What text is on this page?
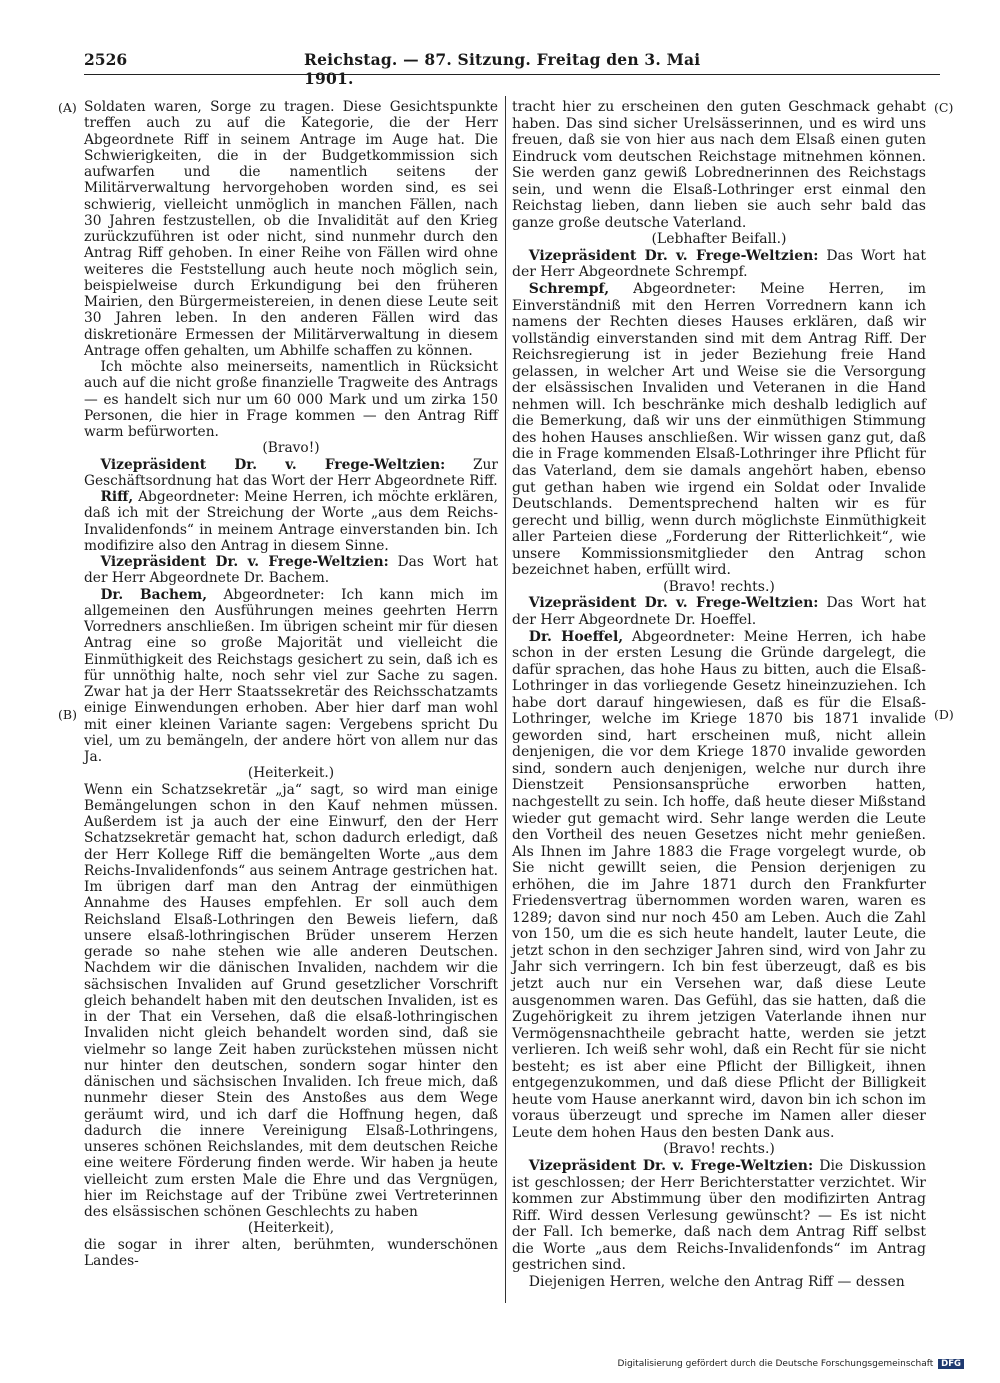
2526	Reichstag. — 87. Sitzung. Freitag den 3. Mai 1901.
(A)
(B)
(C)
(D)

Soldaten waren, Sorge zu tragen. Diese Gesichtspunkte treffen auch zu auf die Kategorie, die der Herr Abgeordnete Riff in seinem Antrage im Auge hat. Die Schwierigkeiten, die in der Budgetkommission sich aufwarfen und die namentlich seitens der Militärverwaltung hervorgehoben worden sind, es sei schwierig, vielleicht unmöglich in manchen Fällen, nach 30 Jahren festzustellen, ob die Invalidität auf den Krieg zurückzuführen ist oder nicht, sind nunmehr durch den Antrag Riff gehoben. In einer Reihe von Fällen wird ohne weiteres die Feststellung auch heute noch möglich sein, beispielweise durch Erkundigung bei den früheren Mairien, den Bürgermeistereien, in denen diese Leute seit 30 Jahren leben. In den anderen Fällen wird das diskretionäre Ermessen der Militärverwaltung in diesem Antrage offen gehalten, um Abhilfe schaffen zu können.

Ich möchte also meinerseits, namentlich in Rücksicht auch auf die nicht große finanzielle Tragweite des Antrags — es handelt sich nur um 60 000 Mark und um zirka 150 Personen, die hier in Frage kommen — den Antrag Riff warm befürworten.

(Bravo!)

Vizepräsident Dr. v. Frege-Weltzien: Zur Geschäftsordnung hat das Wort der Herr Abgeordnete Riff.

Riff, Abgeordneter: Meine Herren, ich möchte erklären, daß ich mit der Streichung der Worte „aus dem Reichs-Invalidenfonds“ in meinem Antrage einverstanden bin. Ich modifizire also den Antrag in diesem Sinne.

Vizepräsident Dr. v. Frege-Weltzien: Das Wort hat der Herr Abgeordnete Dr. Bachem.

Dr. Bachem, Abgeordneter: Ich kann mich im allgemeinen den Ausführungen meines geehrten Herrn Vorredners anschließen. Im übrigen scheint mir für diesen Antrag eine so große Majorität und vielleicht die Einmüthigkeit des Reichstags gesichert zu sein, daß ich es für unnöthig halte, noch sehr viel zur Sache zu sagen. Zwar hat ja der Herr Staatssekretär des Reichsschatzamts einige Einwendungen erhoben. Aber hier darf man wohl mit einer kleinen Variante sagen: Vergebens spricht Du viel, um zu bemängeln, der andere hört von allem nur das Ja.

(Heiterkeit.)

Wenn ein Schatzsekretär „ja“ sagt, so wird man einige Bemängelungen schon in den Kauf nehmen müssen. Außerdem ist ja auch der eine Einwurf, den der Herr Schatzsekretär gemacht hat, schon dadurch erledigt, daß der Herr Kollege Riff die bemängelten Worte „aus dem Reichs-Invalidenfonds“ aus seinem Antrage gestrichen hat. Im übrigen darf man den Antrag der einmüthigen Annahme des Hauses empfehlen. Er soll auch dem Reichsland Elsaß-Lothringen den Beweis liefern, daß unsere elsaß-lothringischen Brüder unserem Herzen gerade so nahe stehen wie alle anderen Deutschen. Nachdem wir die dänischen Invaliden, nachdem wir die sächsischen Invaliden auf Grund gesetzlicher Vorschrift gleich behandelt haben mit den deutschen Invaliden, ist es in der That ein Versehen, daß die elsaß-lothringischen Invaliden nicht gleich behandelt worden sind, daß sie vielmehr so lange Zeit haben zurückstehen müssen nicht nur hinter den deutschen, sondern sogar hinter den dänischen und sächsischen Invaliden. Ich freue mich, daß nunmehr dieser Stein des Anstoßes aus dem Wege geräumt wird, und ich darf die Hoffnung hegen, daß dadurch die innere Vereinigung Elsaß-Lothringens, unseres schönen Reichslandes, mit dem deutschen Reiche eine weitere Förderung finden werde. Wir haben ja heute vielleicht zum ersten Male die Ehre und das Vergnügen, hier im Reichstage auf der Tribüne zwei Vertreterinnen des elsässischen schönen Geschlechts zu haben

(Heiterkeit),

die sogar in ihrer alten, berühmten, wunderschönen Landes-

tracht hier zu erscheinen den guten Geschmack gehabt haben. Das sind sicher Urelsässerinnen, und es wird uns freuen, daß sie von hier aus nach dem Elsaß einen guten Eindruck vom deutschen Reichstage mitnehmen können. Sie werden ganz gewiß Lobrednerinnen des Reichstags sein, und wenn die Elsaß-Lothringer erst einmal den Reichstag lieben, dann lieben sie auch sehr bald das ganze große deutsche Vaterland.

(Lebhafter Beifall.)

Vizepräsident Dr. v. Frege-Weltzien: Das Wort hat der Herr Abgeordnete Schrempf.

Schrempf, Abgeordneter: Meine Herren, im Einverständniß mit den Herren Vorrednern kann ich namens der Rechten dieses Hauses erklären, daß wir vollständig einverstanden sind mit dem Antrag Riff. Der Reichsregierung ist in jeder Beziehung freie Hand gelassen, in welcher Art und Weise sie die Versorgung der elsässischen Invaliden und Veteranen in die Hand nehmen will. Ich beschränke mich deshalb lediglich auf die Bemerkung, daß wir uns der einmüthigen Stimmung des hohen Hauses anschließen. Wir wissen ganz gut, daß die in Frage kommenden Elsaß-Lothringer ihre Pflicht für das Vaterland, dem sie damals angehört haben, ebenso gut gethan haben wie irgend ein Soldat oder Invalide Deutschlands. Dementsprechend halten wir es für gerecht und billig, wenn durch möglichste Einmüthigkeit aller Parteien diese „Forderung der Ritterlichkeit“, wie unsere Kommissionsmitglieder den Antrag schon bezeichnet haben, erfüllt wird.

(Bravo! rechts.)

Vizepräsident Dr. v. Frege-Weltzien: Das Wort hat der Herr Abgeordnete Dr. Hoeffel.

Dr. Hoeffel, Abgeordneter: Meine Herren, ich habe schon in der ersten Lesung die Gründe dargelegt, die dafür sprachen, das hohe Haus zu bitten, auch die Elsaß-Lothringer in das vorliegende Gesetz hineinzuziehen. Ich habe dort darauf hingewiesen, daß es für die Elsaß-Lothringer, welche im Kriege 1870 bis 1871 invalide geworden sind, hart erscheinen muß, nicht allein denjenigen, die vor dem Kriege 1870 invalide geworden sind, sondern auch denjenigen, welche nur durch ihre Dienstzeit Pensionsansprüche erworben hatten, nachgestellt zu sein. Ich hoffe, daß heute dieser Mißstand wieder gut gemacht wird. Sehr lange werden die Leute den Vortheil des neuen Gesetzes nicht mehr genießen. Als Ihnen im Jahre 1883 die Frage vorgelegt wurde, ob Sie nicht gewillt seien, die Pension derjenigen zu erhöhen, die im Jahre 1871 durch den Frankfurter Friedensvertrag übernommen worden waren, waren es 1289; davon sind nur noch 450 am Leben. Auch die Zahl von 150, um die es sich heute handelt, lauter Leute, die jetzt schon in den sechziger Jahren sind, wird von Jahr zu Jahr sich verringern. Ich bin fest überzeugt, daß es bis jetzt auch nur ein Versehen war, daß diese Leute ausgenommen waren. Das Gefühl, das sie hatten, daß die Zugehörigkeit zu ihrem jetzigen Vaterlande ihnen nur Vermögensnachtheile gebracht hatte, werden sie jetzt verlieren. Ich weiß sehr wohl, daß ein Recht für sie nicht besteht; es ist aber eine Pflicht der Billigkeit, ihnen entgegenzukommen, und daß diese Pflicht der Billigkeit heute vom Hause anerkannt wird, davon bin ich schon im voraus überzeugt und spreche im Namen aller dieser Leute dem hohen Haus den besten Dank aus.

(Bravo! rechts.)

Vizepräsident Dr. v. Frege-Weltzien: Die Diskussion ist geschlossen; der Herr Berichterstatter verzichtet. Wir kommen zur Abstimmung über den modifizirten Antrag Riff. Wird dessen Verlesung gewünscht? — Es ist nicht der Fall. Ich bemerke, daß nach dem Antrag Riff selbst die Worte „aus dem Reichs-Invalidenfonds“ im Antrag gestrichen sind.

Diejenigen Herren, welche den Antrag Riff — dessen

Digitalisierung gefördert durch die Deutsche Forschungsgemeinschaft DFG
